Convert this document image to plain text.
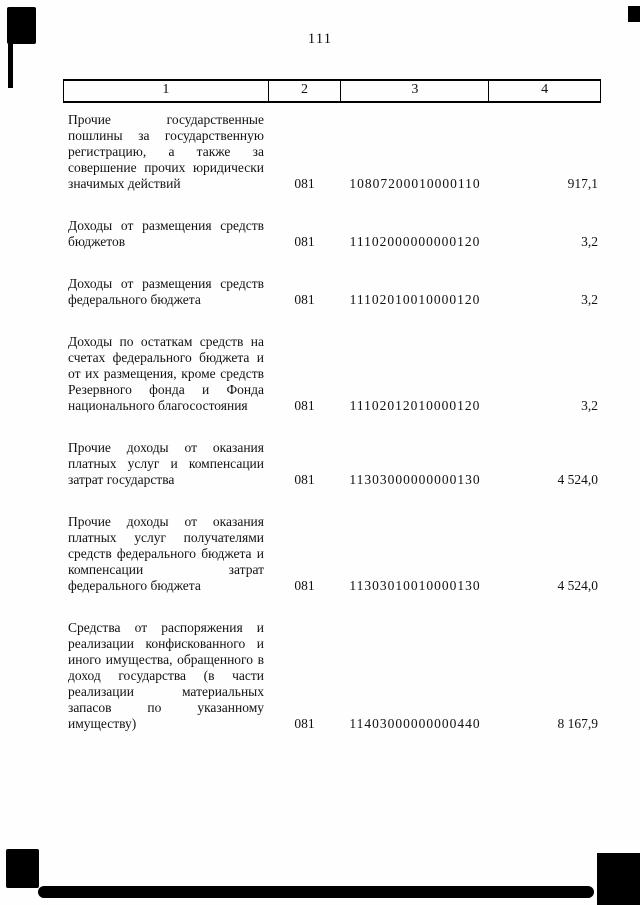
111
1	2	3	4
Прочие государственные пошлины за государственную регистрацию, а также за совершение прочих юридически значимых действий	081	10807200010000110	917,1
Доходы от размещения средств бюджетов	081	11102000000000120	3,2
Доходы от размещения средств федерального бюджета	081	11102010010000120	3,2
Доходы по остаткам средств на счетах федерального бюджета и от их размещения, кроме средств Резервного фонда и Фонда национального благосостояния	081	11102012010000120	3,2
Прочие доходы от оказания платных услуг и компенсации затрат государства	081	11303000000000130	4 524,0
Прочие доходы от оказания платных услуг получателями средств федерального бюджета и компенсации затрат федерального бюджета	081	11303010010000130	4 524,0
Средства от распоряжения и реализации конфискованного и иного имущества, обращенного в доход государства (в части реализации материальных запасов по указанному имуществу)	081	11403000000000440	8 167,9
